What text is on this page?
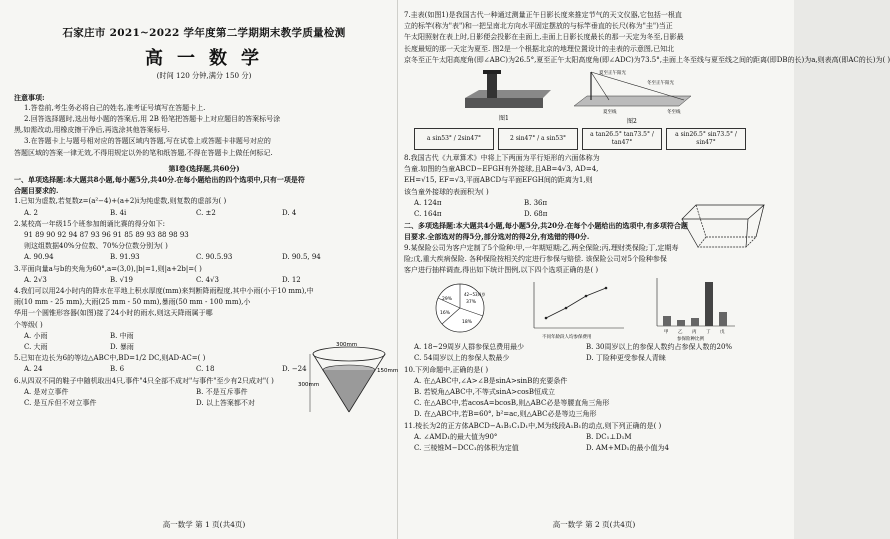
石家庄市 2021~2022 学年度第二学期期末教学质量检测
高一数学
(时间 120 分钟,满分 150 分)

注意事项:

1.答卷前,考生务必将自己的姓名,准考证号填写在答题卡上.

2.回答选择题时,选出每小题的答案后,用 2B 铅笔把答题卡上对应题目的答案标号涂

黑,如需改动,用橡皮擦干净后,再选涂其他答案标号.

3.在答题卡上与题号相对应的答题区域内答题,写在试卷上或答题卡非题号对应的

答题区域的答案一律无效,不得用规定以外的笔和纸答题,不得在答题卡上做任何标记.

第Ⅰ卷(选择题,共60分)

一、单项选择题:本大题共8小题,每小题5分,共40分.在每小题给出的四个选项中,只有一项是符

合题目要求的.

1.已知为虚数,若复数z=(a²−4)+(a+2)i为纯虚数,则复数的虚部为( )

A. 2	B. 4i	C. ±2	D. 4

2.某校高一年级15个班参加朗诵比赛的得分如下:

91 89 90 92 94 87 93 96 91 85 89 93 88 98 93

则这组数据40%分位数、70%分位数分别为( )

A. 90.94	B. 91.93	C. 90.5.93	D. 90.5, 94

3.平面向量a与b的夹角为60°,a=(3,0),|b|=1,则|a+2b|=( )

A. 2√3	B. √19	C. 4√3	D. 12

4.我们可以用24小时内的降水在平地上积水厚度(mm)来判断降雨程度,其中小雨(小于10 mm),中

雨(10 mm - 25 mm),大雨(25 mm - 50 mm),暴雨(50 mm - 100 mm),小

华用一个圆锥形容器(如图)接了24小时的雨水,则这天降雨属于哪

个等级( )

A. 小雨	B. 中雨
C. 大雨	D. 暴雨	300mm
150mm
300mm

5.已知在边长为6的等边△ABC中,BD=1/2 DC,则AD·AC=( )

A. 24	B. 6	C. 18	D. −24

6.从四双不同的鞋子中随机取出4只,事件"4只全部不成对"与事件"至少有2只成对"( )

A. 是对立事件	B. 不是互斥事件
C. 是互斥但不对立事件	D. 以上答案都不对
高一数学 第 1 页(共4页)

7.圭表(如图1)是我国古代一种通过测量正午日影长度来推定节气的天文仪器,它包括一根直

立的标竿(称为"表")和一把呈南北方向水平固定摆放的与标竿垂直的长尺(称为"圭")当正

午太阳照射在表上时,日影便会投影在圭面上,圭面上日影长度最长的那一天定为冬至,日影最

长度最短的那一天定为夏至. 图2是一个根据北京的地理位置设计的圭表的示意图,已知北

京冬至正午太阳高度角(即∠ABC)为26.5°,夏至正午太阳高度角(即∠ADC)为73.5°,圭面上冬至线与夏至线之间的距离(即DB的长)为a,则表高(即AC的长)为( )

图1
夏至正午阳光
冬至正午阳光
夏至线	冬至线
图2
a sin53° / 2sin47°	2 sin47° / a sin53°
a tan26.5° tan73.5° / tan47°
a sin26.5° sin73.5° / sin47°

8.我国古代《九章算术》中将上下两面为平行矩形的六面体称为

刍童.如图的刍童ABCD−EFGH有外接球,且AB=4√3, AD=4,

EH=√15, EF=√3,平面ABCD与平面EFGH间的距离为1,则

该刍童外接球的表面积为( )

A. 124π	B. 36π
C. 164π	D. 68π

二、多项选择题:本大题共4小题,每小题5分,共20分.在每个小题给出的选项中,有多项符合题

目要求.全部选对的得5分,部分选对的得2分,有选错的得0分.

9.某保险公司为客户定制了5个险种:甲,一年期短期;乙,两全保险;丙,理财类保险;丁,定期寿

险;戊,重大疾病保险. 各种保险按相关约定进行参保与赔偿. 该保险公司对5个险种参保

客户进行抽样调查,得出如下统计图例,以下四个选项正确的是( )

42~53周岁
37%
18%
16%
29%
不同年龄段人均参保费用
甲 乙 丙 丁 戊
参保险种比例
A. 18~29周岁人群参保总费用最少	B. 30周岁以上的参保人数约占参保人数的20%
C. 54周岁以上的参保人数最少	D. 丁险种更受参保人青睐

10.下列命题中,正确的是( )

A. 在△ABC中,∠A>∠B是sinA>sinB的充要条件

B. 若锐角△ABC中,不等式sinA>cosB恒成立

C. 在△ABC中,若acosA=bcosB,则△ABC必是等腰直角三角形

D. 在△ABC中,若B=60°, b²=ac,则△ABC必是等边三角形

11.棱长为2的正方体ABCD−A₁B₁C₁D₁中,M为线段A₁B₁的动点,则下列正确的是( )

A. ∠AMD₁的最大值为90°	B. DC₁⊥D₁M
C. 三棱锥M−DCC₁的体积为定值	D. AM+MD₁的最小值为4
高一数学 第 2 页(共4页)
